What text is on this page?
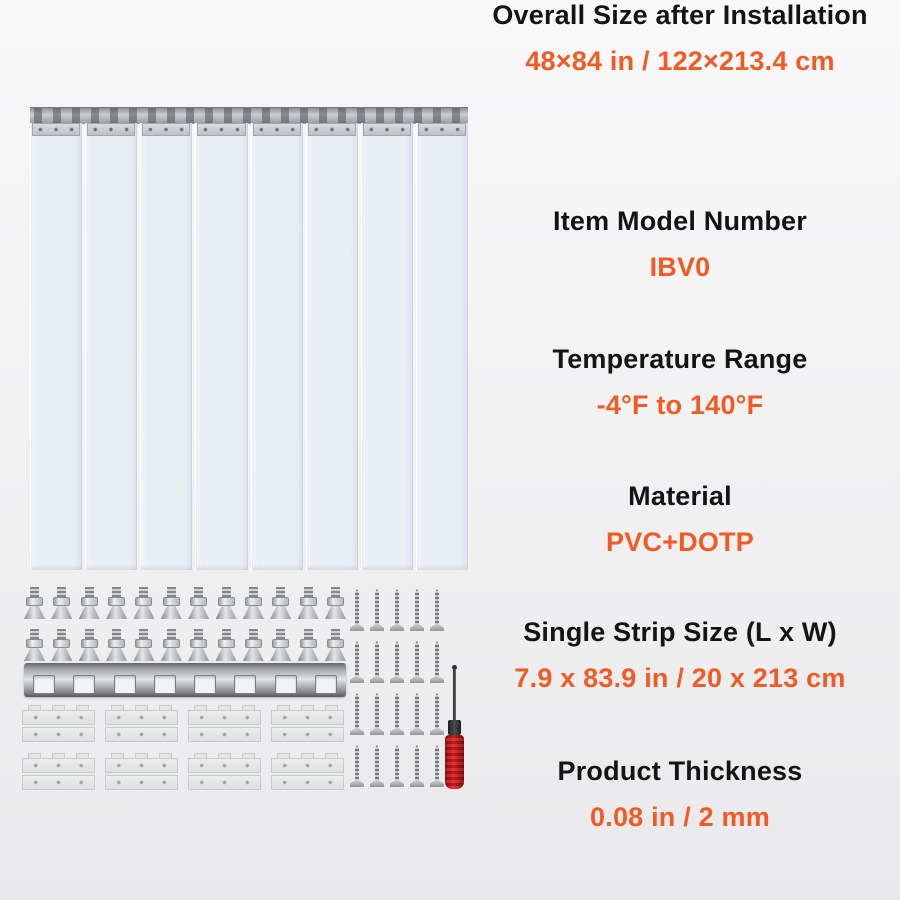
Item Model Number
IBV0
Temperature Range
-4°F to 140°F
Material
PVC+DOTP
Single Strip Size (L x W)
7.9 x 83.9 in / 20 x 213 cm
Product Thickness
0.08 in / 2 mm
Overall Size after Installation
48×84 in / 122×213.4 cm
